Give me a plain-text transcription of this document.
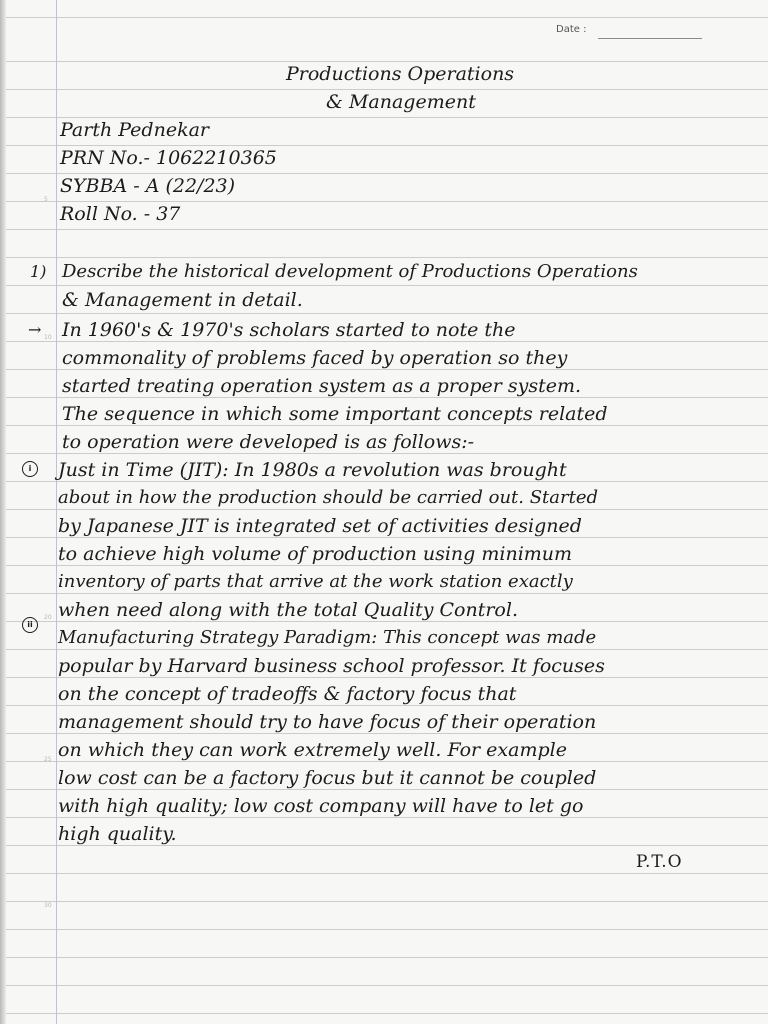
Date :
5
10
20
25
30
Productions Operations
& Management
Parth Pednekar
PRN No.- 1062210365
SYBBA - A (22/23)
Roll No. - 37
1) Describe the historical development of Productions Operations
& Management in detail.
→ In 1960's & 1970's scholars started to note the
commonality of problems faced by operation so they
started treating operation system as a proper system.
The sequence in which some important concepts related
to operation were developed is as follows:-
i	Just in Time (JIT): In 1980s a revolution was brought
about in how the production should be carried out. Started
by Japanese JIT is integrated set of activities designed
to achieve high volume of production using minimum
inventory of parts that arrive at the work station exactly
when need along with the total Quality Control.
ii
Manufacturing Strategy Paradigm: This concept was made
popular by Harvard business school professor. It focuses
on the concept of tradeoffs & factory focus that
management should try to have focus of their operation
on which they can work extremely well. For example
low cost can be a factory focus but it cannot be coupled
with high quality; low cost company will have to let go
high quality.
P.T.O
